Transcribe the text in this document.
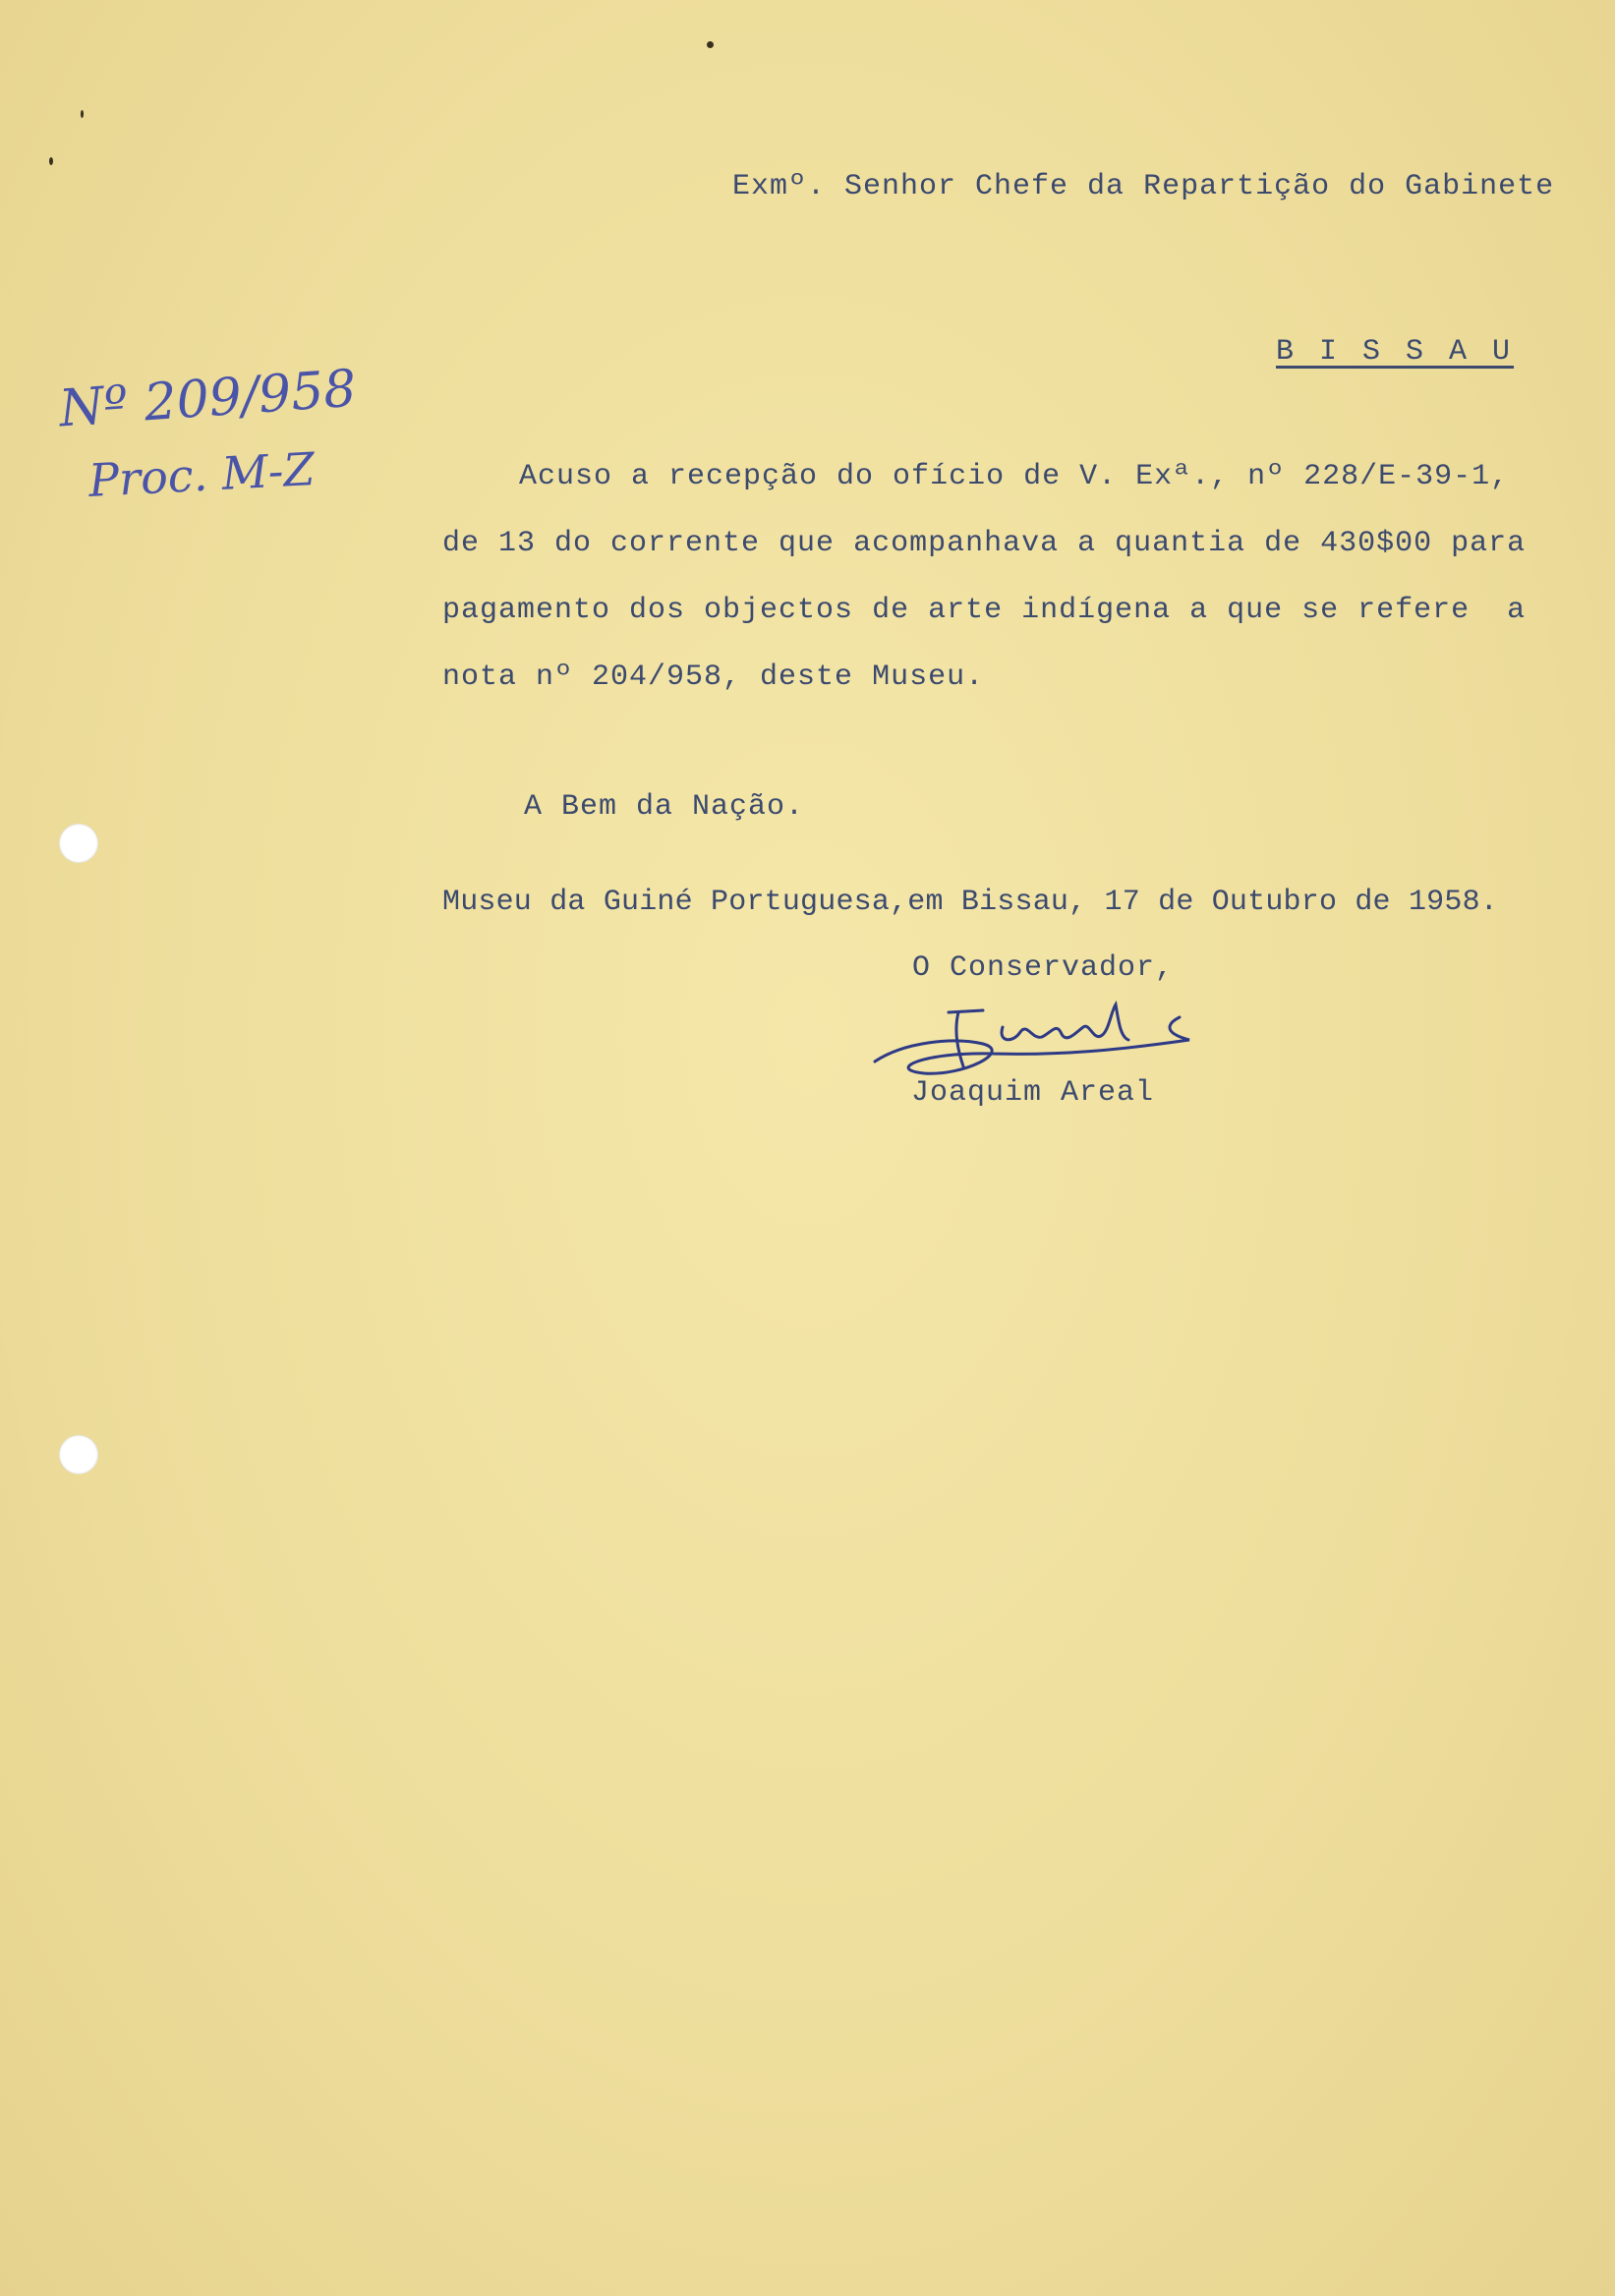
Nº 209/958
Proc. M-Z
Exmº. Senhor Chefe da Repartição do Gabinete
B I S S A U
Acuso a recepção do ofício de V. Exª., nº 228/E-39-1,
de 13 do corrente que acompanhava a quantia de 430$00 para
pagamento dos objectos de arte indígena a que se refere  a
nota nº 204/958, deste Museu.
A Bem da Nação.
Museu da Guiné Portuguesa,em Bissau, 17 de Outubro de 1958.
O Conservador,
Joaquim Areal
